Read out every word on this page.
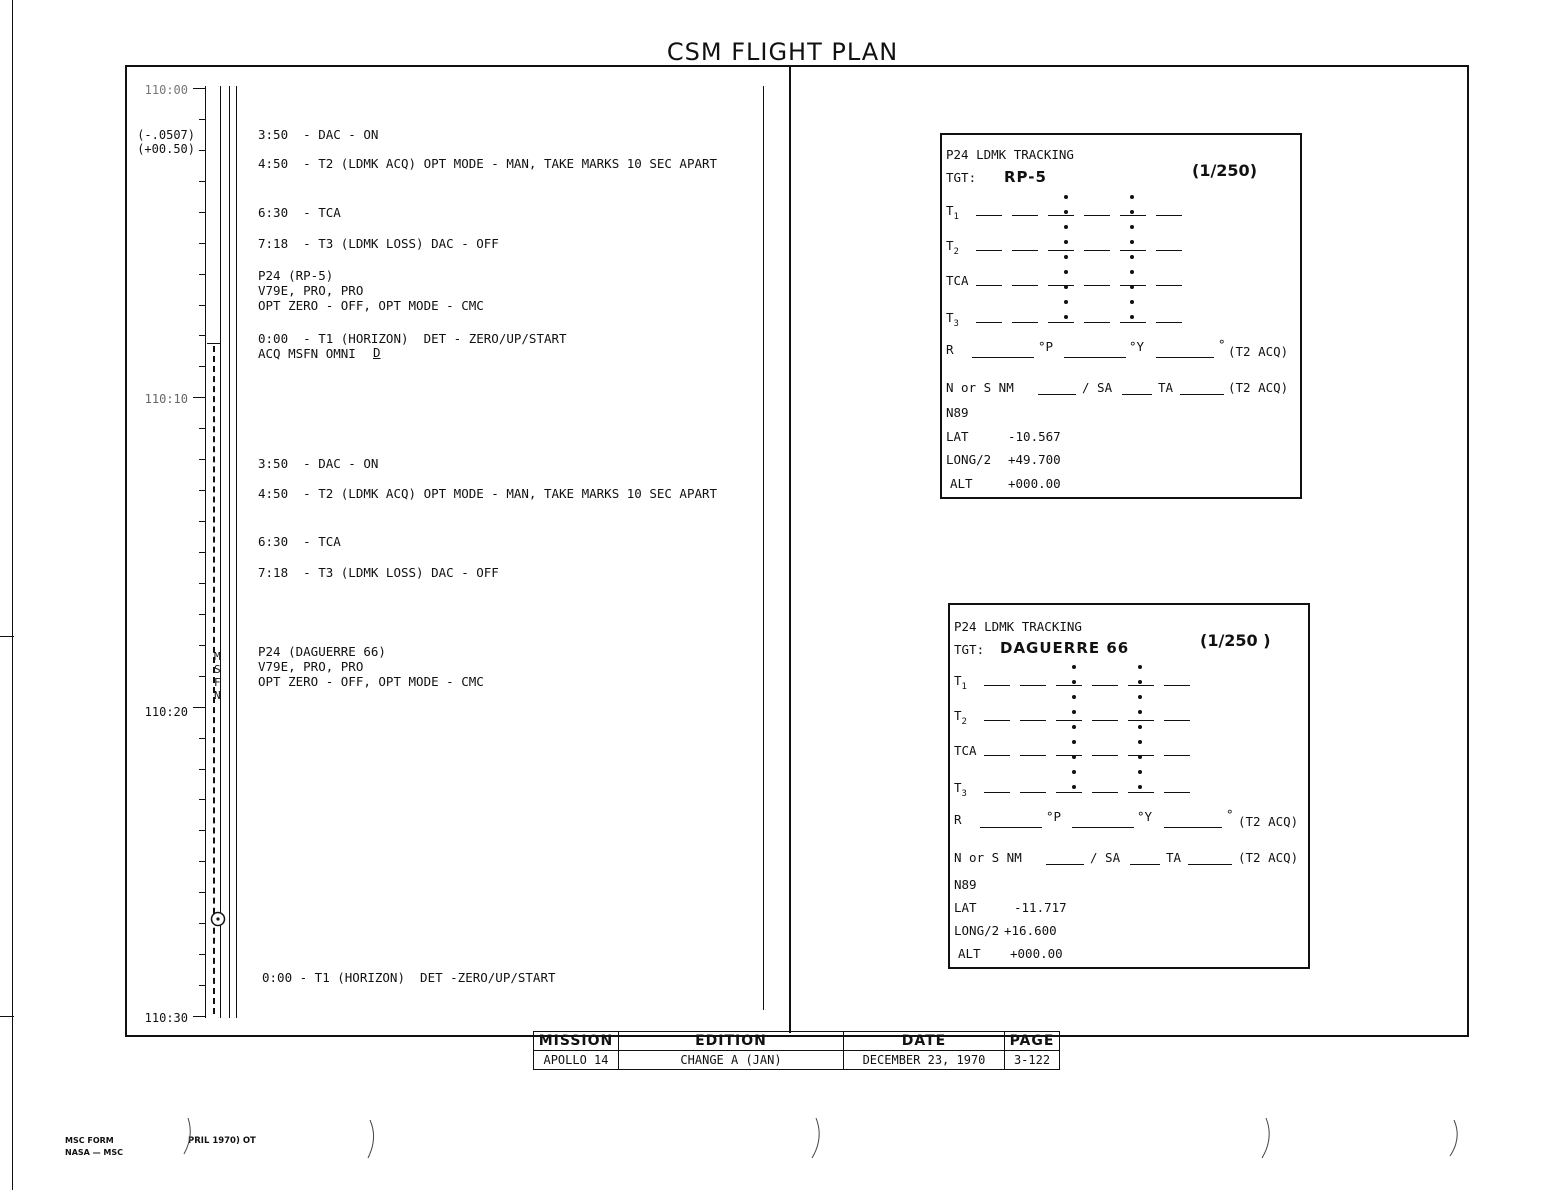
CSM FLIGHT PLAN
110:00
110:10
110:20
110:30
(-.0507)
(+00.50)
M
S
F
N
3:50  - DAC - ON
4:50  - T2 (LDMK ACQ) OPT MODE - MAN, TAKE MARKS 10 SEC APART
6:30  - TCA
7:18  - T3 (LDMK LOSS) DAC - OFF
P24 (RP-5)
V79E, PRO, PRO
OPT ZERO - OFF, OPT MODE - CMC
0:00  - T1 (HORIZON)  DET - ZERO/UP/START
ACQ MSFN OMNI	D
3:50  - DAC - ON
4:50  - T2 (LDMK ACQ) OPT MODE - MAN, TAKE MARKS 10 SEC APART
6:30  - TCA
7:18  - T3 (LDMK LOSS) DAC - OFF
P24 (DAGUERRE 66)
V79E, PRO, PRO
OPT ZERO - OFF, OPT MODE - CMC
0:00 - T1 (HORIZON)  DET -ZERO/UP/START
P24 LDMK TRACKING
TGT: RP-5	(1/250)
$T_1$
$T_2$
TCA
$T_3$
R	°P	°Y	° (T2 ACQ)
N or S NM	/ SA	TA	(T2 ACQ)
N89
LAT	-10.567
LONG/2 +49.700
ALT	+000.00
P24 LDMK TRACKING
TGT: DAGUERRE 66	(1/250 )
$T_1$
$T_2$
TCA
$T_3$
R	°P	°Y	° (T2 ACQ)
N or S NM	/ SA	TA	(T2 ACQ)
N89
LAT	-11.717
LONG/2 +16.600
ALT +000.00
MISSION	EDITION	DATE	PAGE
APOLLO 14	CHANGE A (JAN)	DECEMBER 23, 1970	3-122
MSC FORM
NASA — MSC
PRIL 1970) OT
